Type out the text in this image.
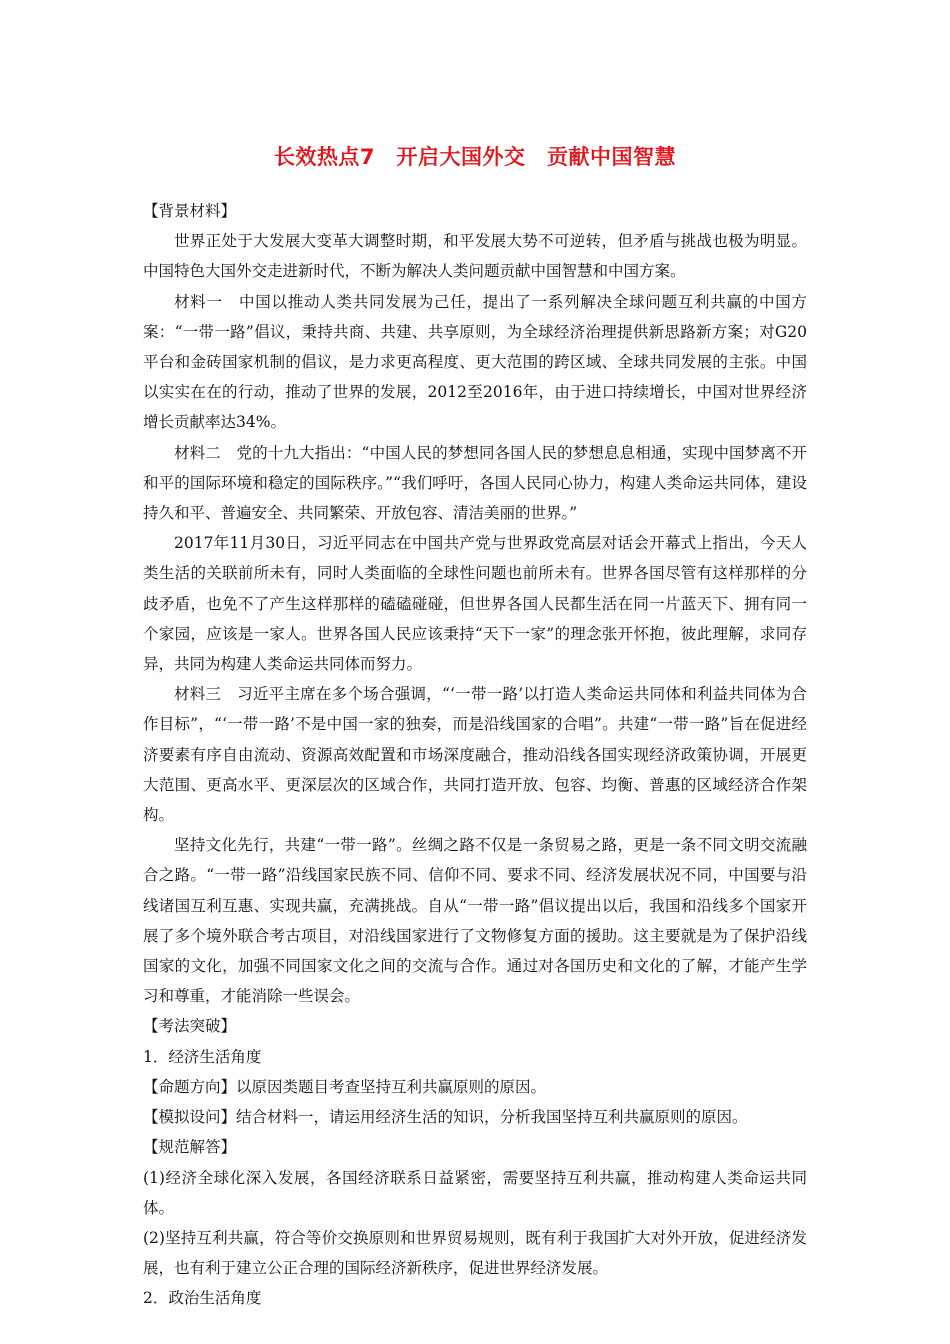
长效热点7　开启大国外交　贡献中国智慧

【背景材料】

世界正处于大发展大变革大调整时期，和平发展大势不可逆转，但矛盾与挑战也极为明显。中国特色大国外交走进新时代，不断为解决人类问题贡献中国智慧和中国方案。

材料一　中国以推动人类共同发展为己任，提出了一系列解决全球问题互利共赢的中国方案：“一带一路”倡议，秉持共商、共建、共享原则，为全球经济治理提供新思路新方案；对G20平台和金砖国家机制的倡议，是力求更高程度、更大范围的跨区域、全球共同发展的主张。中国以实实在在的行动，推动了世界的发展，2012至2016年，由于进口持续增长，中国对世界经济增长贡献率达34%。

材料二　党的十九大指出：“中国人民的梦想同各国人民的梦想息息相通，实现中国梦离不开和平的国际环境和稳定的国际秩序。”“我们呼吁，各国人民同心协力，构建人类命运共同体，建设持久和平、普遍安全、共同繁荣、开放包容、清洁美丽的世界。”

2017年11月30日，习近平同志在中国共产党与世界政党高层对话会开幕式上指出，今天人类生活的关联前所未有，同时人类面临的全球性问题也前所未有。世界各国尽管有这样那样的分歧矛盾，也免不了产生这样那样的磕磕碰碰，但世界各国人民都生活在同一片蓝天下、拥有同一个家园，应该是一家人。世界各国人民应该秉持“天下一家”的理念张开怀抱，彼此理解，求同存异，共同为构建人类命运共同体而努力。

材料三　习近平主席在多个场合强调，“‘一带一路’以打造人类命运共同体和利益共同体为合作目标”，“‘一带一路’不是中国一家的独奏，而是沿线国家的合唱”。共建“一带一路”旨在促进经济要素有序自由流动、资源高效配置和市场深度融合，推动沿线各国实现经济政策协调，开展更大范围、更高水平、更深层次的区域合作，共同打造开放、包容、均衡、普惠的区域经济合作架构。

坚持文化先行，共建“一带一路”。丝绸之路不仅是一条贸易之路，更是一条不同文明交流融合之路。“一带一路”沿线国家民族不同、信仰不同、要求不同、经济发展状况不同，中国要与沿线诸国互利互惠、实现共赢，充满挑战。自从“一带一路”倡议提出以后，我国和沿线多个国家开展了多个境外联合考古项目，对沿线国家进行了文物修复方面的援助。这主要就是为了保护沿线国家的文化，加强不同国家文化之间的交流与合作。通过对各国历史和文化的了解，才能产生学习和尊重，才能消除一些误会。

【考法突破】

1．经济生活角度

【命题方向】以原因类题目考查坚持互利共赢原则的原因。

【模拟设问】结合材料一，请运用经济生活的知识，分析我国坚持互利共赢原则的原因。

【规范解答】

(1)经济全球化深入发展，各国经济联系日益紧密，需要坚持互利共赢，推动构建人类命运共同体。

(2)坚持互利共赢，符合等价交换原则和世界贸易规则，既有利于我国扩大对外开放，促进经济发展，也有利于建立公正合理的国际经济新秩序，促进世界经济发展。

2．政治生活角度
